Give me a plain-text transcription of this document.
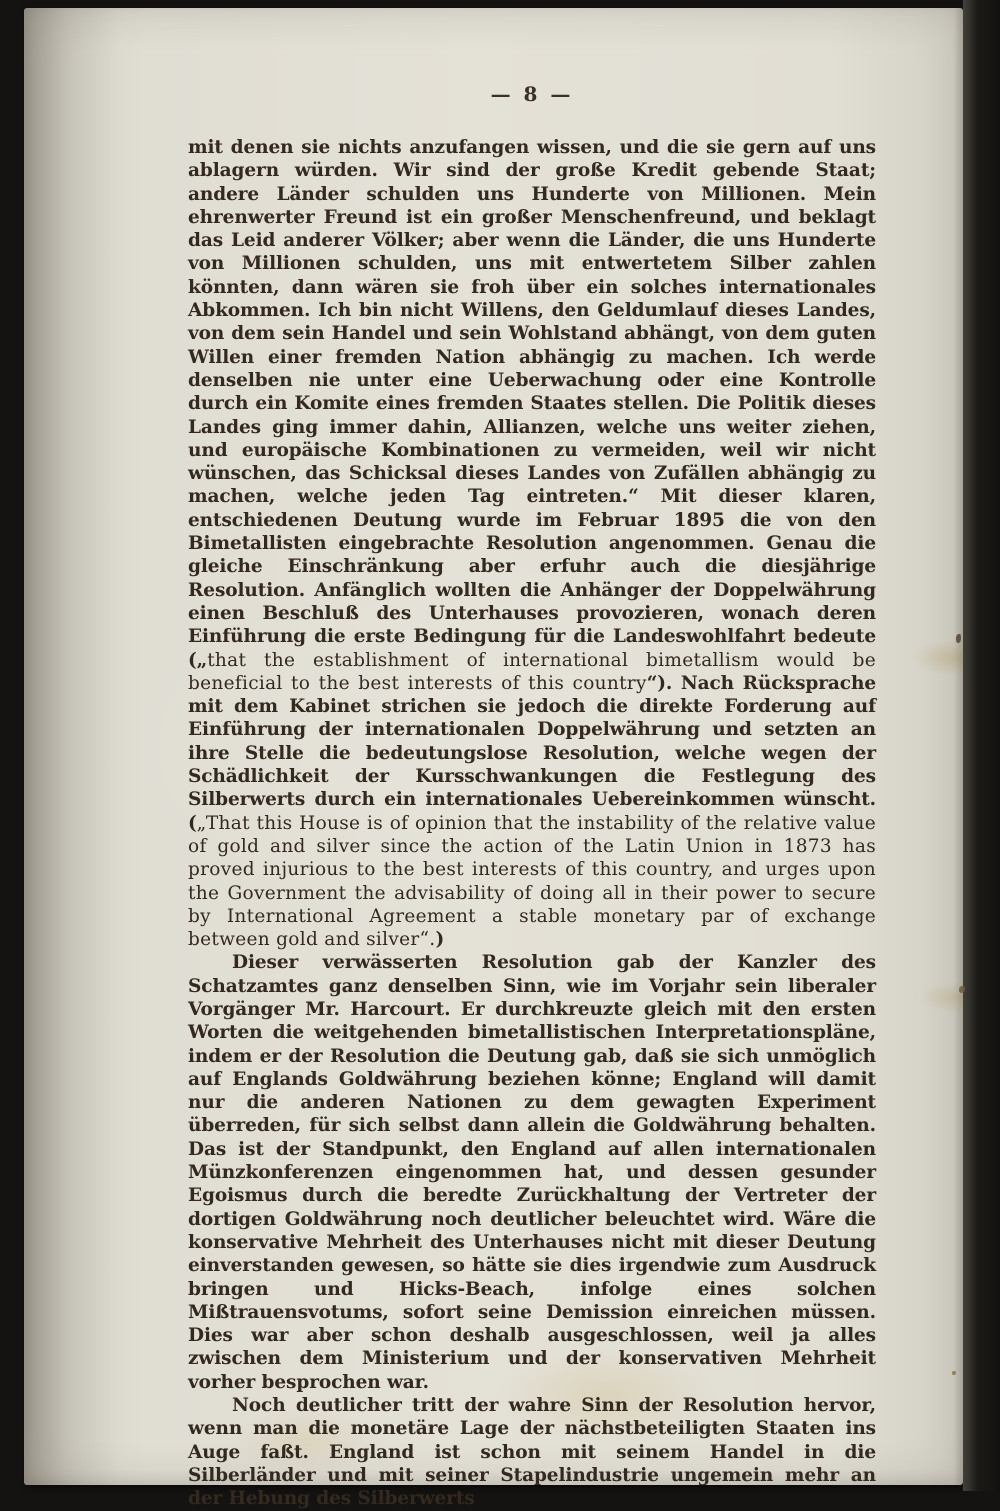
— 8 —

mit denen sie nichts anzufangen wissen, und die sie gern auf uns ablagern würden. Wir sind der große Kredit gebende Staat; andere Länder schulden uns Hunderte von Millionen. Mein ehrenwerter Freund ist ein großer Menschenfreund, und beklagt das Leid anderer Völker; aber wenn die Länder, die uns Hunderte von Millionen schulden, uns mit entwertetem Silber zahlen könnten, dann wären sie froh über ein solches internationales Abkommen. Ich bin nicht Willens, den Geldumlauf dieses Landes, von dem sein Handel und sein Wohlstand abhängt, von dem guten Willen einer fremden Nation abhängig zu machen. Ich werde denselben nie unter eine Ueberwachung oder eine Kontrolle durch ein Komite eines fremden Staates stellen. Die Politik dieses Landes ging immer dahin, Allianzen, welche uns weiter ziehen, und europäische Kombinationen zu vermeiden, weil wir nicht wünschen, das Schicksal dieses Landes von Zufällen abhängig zu machen, welche jeden Tag eintreten.“ Mit dieser klaren, entschiedenen Deutung wurde im Februar 1895 die von den Bimetallisten eingebrachte Resolution angenommen. Genau die gleiche Einschränkung aber erfuhr auch die diesjährige Resolution. Anfänglich wollten die Anhänger der Doppelwährung einen Beschluß des Unterhauses provozieren, wonach deren Einführung die erste Bedingung für die Landeswohlfahrt bedeute („that the establishment of international bimetallism would be beneficial to the best interests of this country“). Nach Rücksprache mit dem Kabinet strichen sie jedoch die direkte Forderung auf Einführung der internationalen Doppelwährung und setzten an ihre Stelle die bedeutungslose Resolution, welche wegen der Schädlichkeit der Kursschwankungen die Festlegung des Silberwerts durch ein internationales Uebereinkommen wünscht. („That this House is of opinion that the instability of the relative value of gold and silver since the action of the Latin Union in 1873 has proved injurious to the best interests of this country, and urges upon the Government the advisability of doing all in their power to secure by International Agreement a stable monetary par of exchange between gold and silver“.)

Dieser verwässerten Resolution gab der Kanzler des Schatzamtes ganz denselben Sinn, wie im Vorjahr sein liberaler Vorgänger Mr. Harcourt. Er durchkreuzte gleich mit den ersten Worten die weitgehenden bimetallistischen Interpretationspläne, indem er der Resolution die Deutung gab, daß sie sich unmöglich auf Englands Goldwährung beziehen könne; England will damit nur die anderen Nationen zu dem gewagten Experiment überreden, für sich selbst dann allein die Goldwährung behalten. Das ist der Standpunkt, den England auf allen internationalen Münzkonferenzen eingenommen hat, und dessen gesunder Egoismus durch die beredte Zurückhaltung der Vertreter der dortigen Goldwährung noch deutlicher beleuchtet wird. Wäre die konservative Mehrheit des Unterhauses nicht mit dieser Deutung einverstanden gewesen, so hätte sie dies irgendwie zum Ausdruck bringen und Hicks-Beach, infolge eines solchen Mißtrauensvotums, sofort seine Demission einreichen müssen. Dies war aber schon deshalb ausgeschlossen, weil ja alles zwischen dem Ministerium und der konservativen Mehrheit vorher besprochen war.

Noch deutlicher tritt der wahre Sinn der Resolution hervor, wenn man die monetäre Lage der nächstbeteiligten Staaten ins Auge faßt. England ist schon mit seinem Handel in die Silberländer und mit seiner Stapelindustrie ungemein mehr an der Hebung des Silberwerts
